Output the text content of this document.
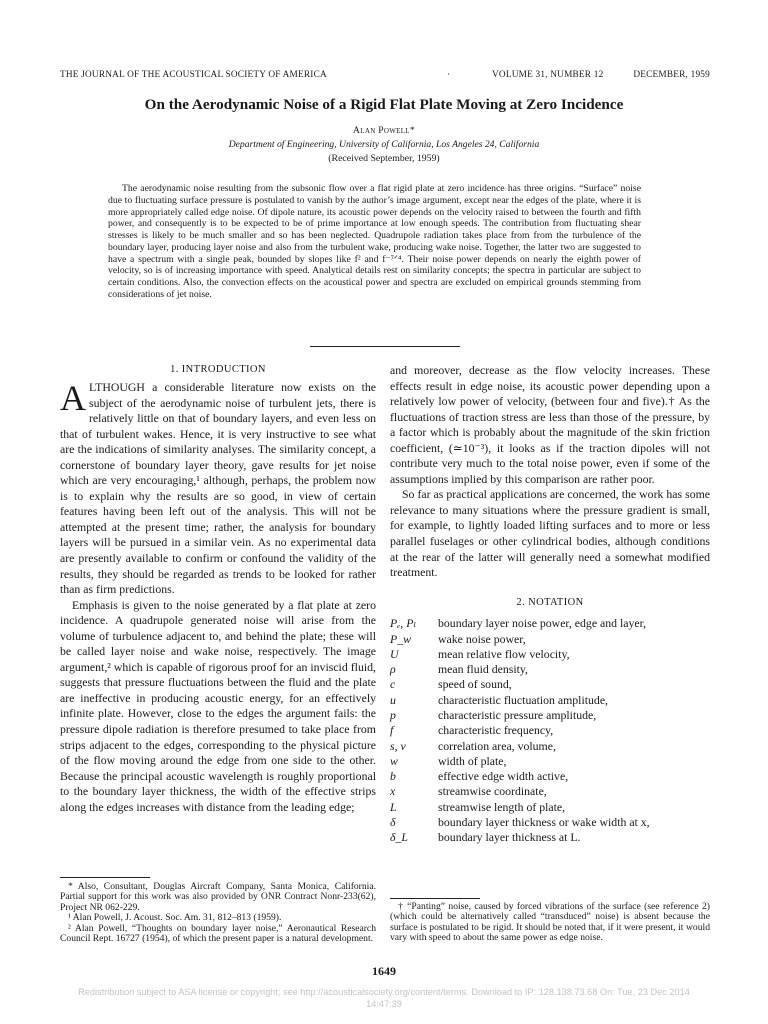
THE JOURNAL OF THE ACOUSTICAL SOCIETY OF AMERICA	·	VOLUME 31, NUMBER 12	DECEMBER, 1959
On the Aerodynamic Noise of a Rigid Flat Plate Moving at Zero Incidence
Alan Powell*
Department of Engineering, University of California, Los Angeles 24, California
(Received September, 1959)

The aerodynamic noise resulting from the subsonic flow over a flat rigid plate at zero incidence has three origins. “Surface” noise due to fluctuating surface pressure is postulated to vanish by the author’s image argument, except near the edges of the plate, where it is more appropriately called edge noise. Of dipole nature, its acoustic power depends on the velocity raised to between the fourth and fifth power, and consequently is to be expected to be of prime importance at low enough speeds. The contribution from fluctuating shear stresses is likely to be much smaller and so has been neglected. Quadrupole radiation takes place from from the turbulence of the boundary layer, producing layer noise and also from the turbulent wake, producing wake noise. Together, the latter two are suggested to have a spectrum with a single peak, bounded by slopes like f² and f⁻⁷ᐟ⁴. Their noise power depends on nearly the eighth power of velocity, so is of increasing importance with speed. Analytical details rest on similarity concepts; the spectra in particular are subject to certain conditions. Also, the convection effects on the acoustical power and spectra are excluded on empirical grounds stemming from considerations of jet noise.

1. INTRODUCTION

ALTHOUGH a considerable literature now exists on the subject of the aerodynamic noise of turbulent jets, there is relatively little on that of boundary layers, and even less on that of turbulent wakes. Hence, it is very instructive to see what are the indications of similarity analyses. The similarity concept, a cornerstone of boundary layer theory, gave results for jet noise which are very encouraging,¹ although, perhaps, the problem now is to explain why the results are so good, in view of certain features having been left out of the analysis. This will not be attempted at the present time; rather, the analysis for boundary layers will be pursued in a similar vein. As no experimental data are presently available to confirm or confound the validity of the results, they should be regarded as trends to be looked for rather than as firm predictions.

Emphasis is given to the noise generated by a flat plate at zero incidence. A quadrupole generated noise will arise from the volume of turbulence adjacent to, and behind the plate; these will be called layer noise and wake noise, respectively. The image argument,² which is capable of rigorous proof for an inviscid fluid, suggests that pressure fluctuations between the fluid and the plate are ineffective in producing acoustic energy, for an effectively infinite plate. However, close to the edges the argument fails: the pressure dipole radiation is therefore presumed to take place from strips adjacent to the edges, corresponding to the physical picture of the flow moving around the edge from one side to the other. Because the principal acoustic wavelength is roughly proportional to the boundary layer thickness, the width of the effective strips along the edges increases with distance from the leading edge;

* Also, Consultant, Douglas Aircraft Company, Santa Monica, California. Partial support for this work was also provided by ONR Contract Nonr-233(62), Project NR 062-229.

¹ Alan Powell, J. Acoust. Soc. Am. 31, 812–813 (1959).

² Alan Powell, “Thoughts on boundary layer noise,” Aeronautical Research Council Rept. 16727 (1954), of which the present paper is a natural development.

and moreover, decrease as the flow velocity increases. These effects result in edge noise, its acoustic power depending upon a relatively low power of velocity, (between four and five).† As the fluctuations of traction stress are less than those of the pressure, by a factor which is probably about the magnitude of the skin friction coefficient, (≃10⁻³), it looks as if the traction dipoles will not contribute very much to the total noise power, even if some of the assumptions implied by this comparison are rather poor.

So far as practical applications are concerned, the work has some relevance to many situations where the pressure gradient is small, for example, to lightly loaded lifting surfaces and to more or less parallel fuselages or other cylindrical bodies, although conditions at the rear of the latter will generally need a somewhat modified treatment.

2. NOTATION
Pₑ, Pₗ	boundary layer noise power, edge and layer,
P_w	wake noise power,
U	mean relative flow velocity,
ρ	mean fluid density,
c	speed of sound,
u	characteristic fluctuation amplitude,
p	characteristic pressure amplitude,
f	characteristic frequency,
s, v	correlation area, volume,
w	width of plate,
b	effective edge width active,
x	streamwise coordinate,
L	streamwise length of plate,
δ	boundary layer thickness or wake width at x,
δ_L	boundary layer thickness at L.

† “Panting” noise, caused by forced vibrations of the surface (see reference 2) (which could be alternatively called “transduced” noise) is absent because the surface is postulated to be rigid. It should be noted that, if it were present, it would vary with speed to about the same power as edge noise.

1649
Redistribution subject to ASA license or copyright; see http://acousticalsociety.org/content/terms. Download to IP: 128.138.73.68 On: Tue, 23 Dec 2014
14:47:39
